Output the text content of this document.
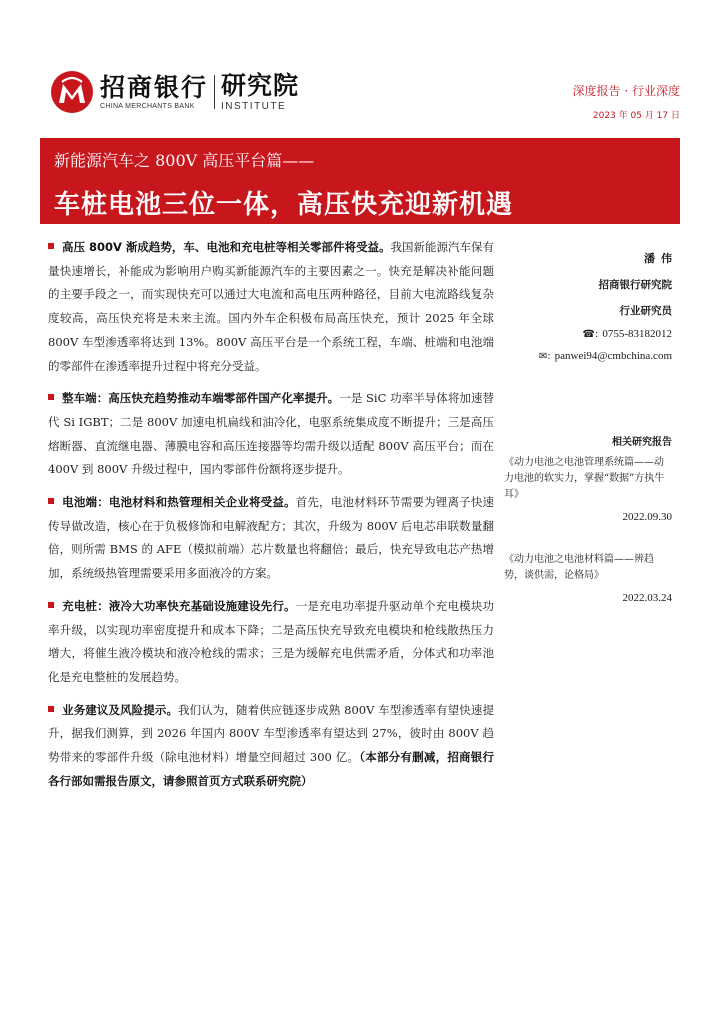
招商银行
CHINA MERCHANTS BANK
研究院
INSTITUTE
深度报告 · 行业深度
2023 年 05 月 17 日
新能源汽车之 800V 高压平台篇——
车桩电池三位一体，高压快充迎新机遇

高压 800V 渐成趋势，车、电池和充电桩等相关零部件将受益。我国新能源汽车保有量快速增长，补能成为影响用户购买新能源汽车的主要因素之一。快充是解决补能问题的主要手段之一，而实现快充可以通过大电流和高电压两种路径，目前大电流路线复杂度较高，高压快充将是未来主流。国内外车企积极布局高压快充，预计 2025 年全球 800V 车型渗透率将达到 13%。800V 高压平台是一个系统工程，车端、桩端和电池端的零部件在渗透率提升过程中将充分受益。

整车端：高压快充趋势推动车端零部件国产化率提升。一是 SiC 功率半导体将加速替代 Si IGBT；二是 800V 加速电机扁线和油冷化，电驱系统集成度不断提升；三是高压熔断器、直流继电器、薄膜电容和高压连接器等均需升级以适配 800V 高压平台；而在 400V 到 800V 升级过程中，国内零部件份额将逐步提升。

电池端：电池材料和热管理相关企业将受益。首先，电池材料环节需要为锂离子快速传导做改造，核心在于负极修饰和电解液配方；其次，升级为 800V 后电芯串联数量翻倍，则所需 BMS 的 AFE（模拟前端）芯片数量也将翻倍；最后，快充导致电芯产热增加，系统级热管理需要采用多面液冷的方案。

充电桩：液冷大功率快充基础设施建设先行。一是充电功率提升驱动单个充电模块功率升级，以实现功率密度提升和成本下降；二是高压快充导致充电模块和枪线散热压力增大，将催生液冷模块和液冷枪线的需求；三是为缓解充电供需矛盾，分体式和功率池化是充电整桩的发展趋势。

业务建议及风险提示。我们认为，随着供应链逐步成熟 800V 车型渗透率有望快速提升，据我们测算，到 2026 年国内 800V 车型渗透率有望达到 27%，彼时由 800V 趋势带来的零部件升级（除电池材料）增量空间超过 300 亿。（本部分有删减，招商银行各行部如需报告原文，请参照首页方式联系研究院）

潘伟
招商银行研究院
行业研究员
☎: 0755-83182012
✉: panwei94@cmbchina.com
相关研究报告
《动力电池之电池管理系统篇——动力电池的软实力，掌握“数据”方执牛耳》
2022.09.30
《动力电池之电池材料篇——辨趋势，谈供需，论格局》
2022.03.24
